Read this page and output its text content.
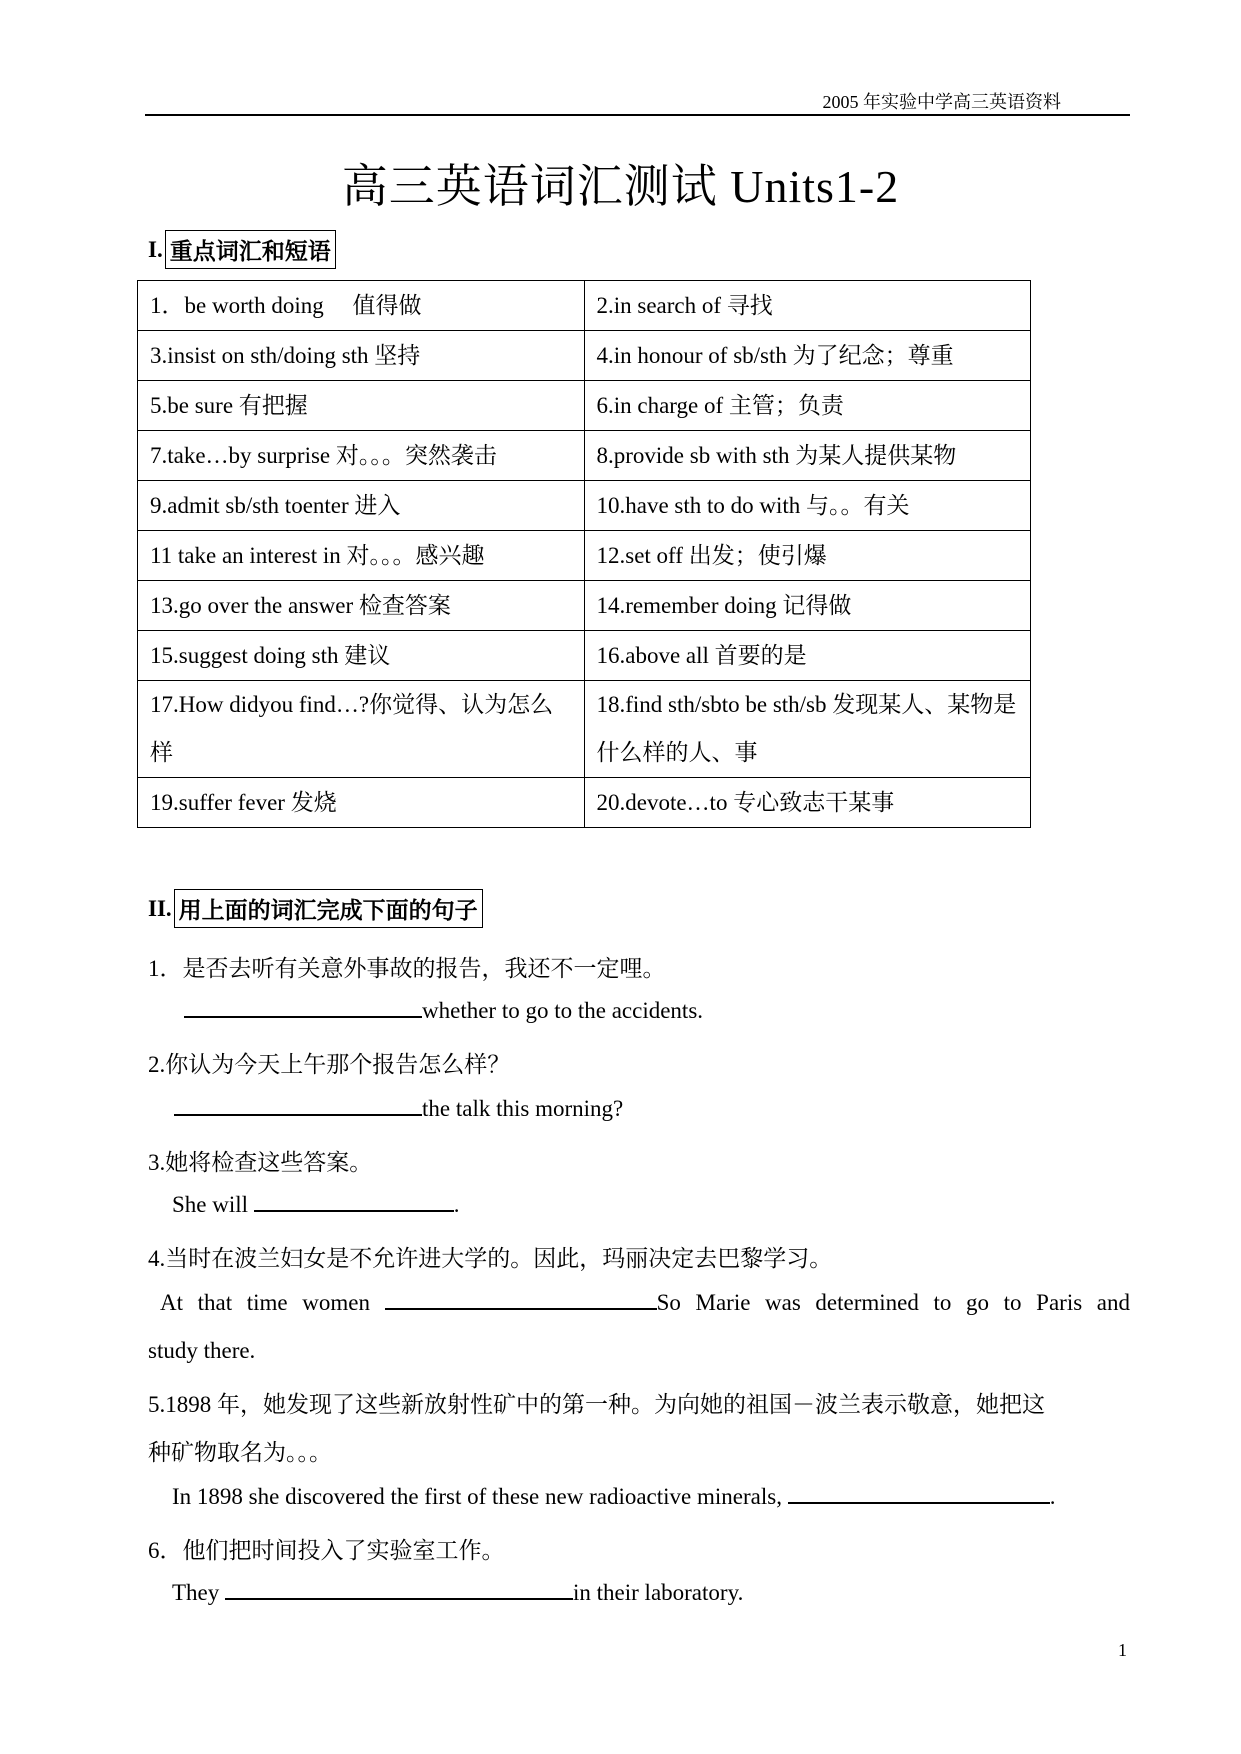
2005 年实验中学高三英语资料
高三英语词汇测试 Units1-2
I. 重点词汇和短语
1．be worth doing　 值得做	2.in search of 寻找
3.insist on sth/doing sth 坚持	4.in honour of sb/sth 为了纪念；尊重
5.be sure 有把握	6.in charge of 主管；负责
7.take…by surprise 对。。。突然袭击	8.provide sb with sth 为某人提供某物
9.admit sb/sth toenter 进入	10.have sth to do with 与。。有关
11 take an interest in 对。。。感兴趣	12.set off 出发；使引爆
13.go over the answer 检查答案	14.remember doing 记得做
15.suggest doing sth 建议	16.above all 首要的是
17.How didyou find…?你觉得、认为怎么样	18.find sth/sbto be sth/sb 发现某人、某物是什么样的人、事
19.suffer fever 发烧	20.devote…to 专心致志干某事
II. 用上面的词汇完成下面的句子
1．是否去听有关意外事故的报告，我还不一定哩。
whether to go to the accidents.
2.你认为今天上午那个报告怎么样？
the talk this morning?
3.她将检查这些答案。
She will	.
4.当时在波兰妇女是不允许进大学的。因此，玛丽决定去巴黎学习。
At that time women	So Marie was determined to go to Paris and
study there.
5.1898 年，她发现了这些新放射性矿中的第一种。为向她的祖国－波兰表示敬意，她把这
种矿物取名为。。。
In 1898 she discovered the first of these new radioactive minerals,	.
6．他们把时间投入了实验室工作。
They	in their laboratory.
1
